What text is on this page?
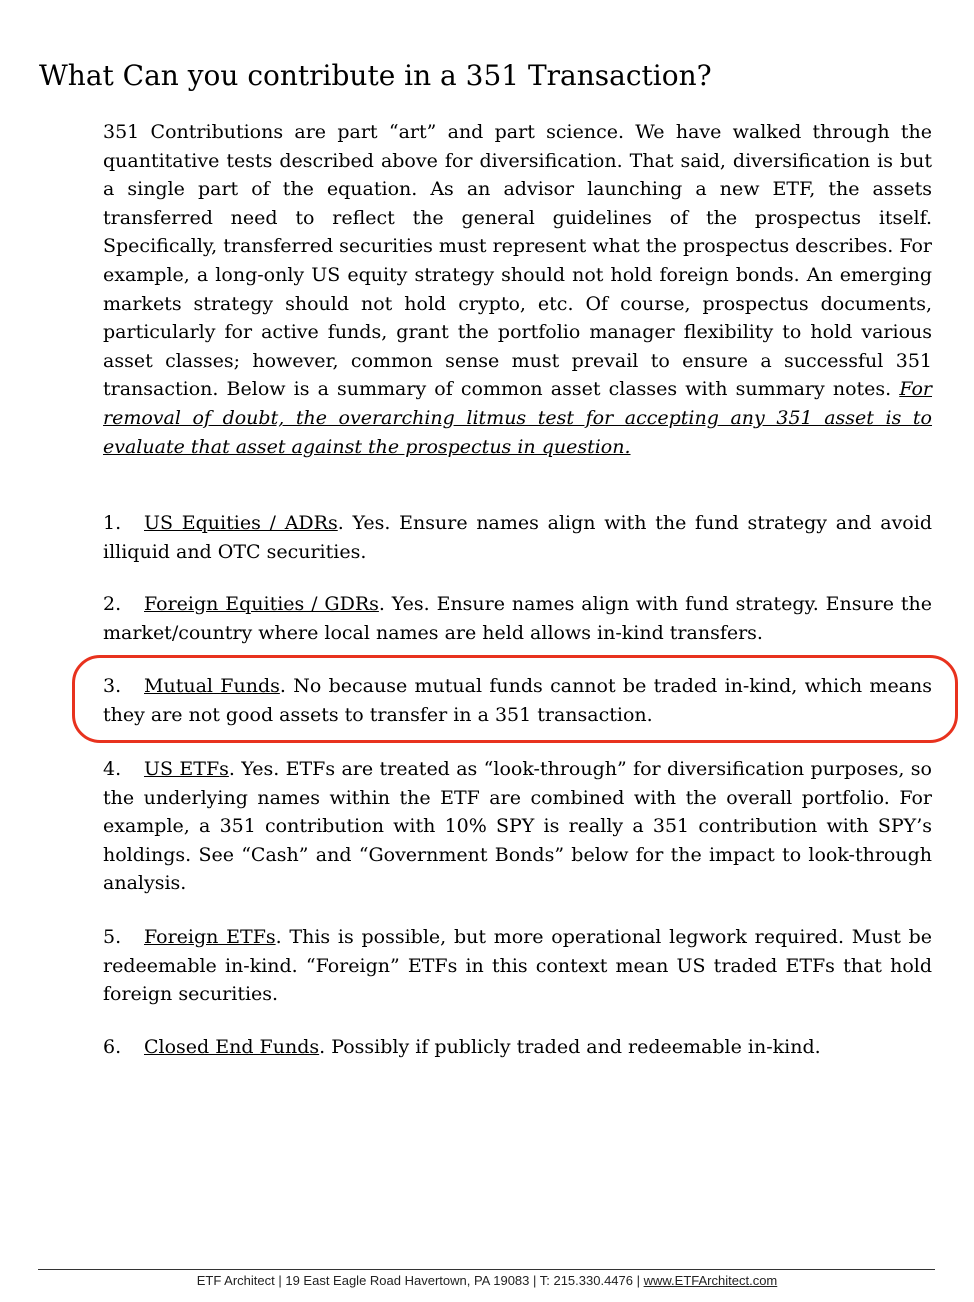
What Can you contribute in a 351 Transaction?

351 Contributions are part “art” and part science. We have walked through the quantitative tests described above for diversification. That said, diversification is but a single part of the equation. As an advisor launching a new ETF, the assets transferred need to reflect the general guidelines of the prospectus itself. Specifically, transferred securities must represent what the prospectus describes. For example, a long-only US equity strategy should not hold foreign bonds. An emerging markets strategy should not hold crypto, etc. Of course, prospectus documents, particularly for active funds, grant the portfolio manager flexibility to hold various asset classes; however, common sense must prevail to ensure a successful 351 transaction. Below is a summary of common asset classes with summary notes. For removal of doubt, the overarching litmus test for accepting any 351 asset is to evaluate that asset against the prospectus in question.

1. US Equities / ADRs. Yes. Ensure names align with the fund strategy and avoid illiquid and OTC securities.

2. Foreign Equities / GDRs. Yes. Ensure names align with fund strategy. Ensure the market/country where local names are held allows in-kind transfers.

3. Mutual Funds. No because mutual funds cannot be traded in-kind, which means they are not good assets to transfer in a 351 transaction.

4. US ETFs. Yes. ETFs are treated as “look-through” for diversification purposes, so the underlying names within the ETF are combined with the overall portfolio. For example, a 351 contribution with 10% SPY is really a 351 contribution with SPY’s holdings. See “Cash” and “Government Bonds” below for the impact to look-through analysis.

5. Foreign ETFs. This is possible, but more operational legwork required. Must be redeemable in-kind. “Foreign” ETFs in this context mean US traded ETFs that hold foreign securities.

6. Closed End Funds. Possibly if publicly traded and redeemable in-kind.

ETF Architect | 19 East Eagle Road Havertown, PA 19083 | T: 215.330.4476 | www.ETFArchitect.com
